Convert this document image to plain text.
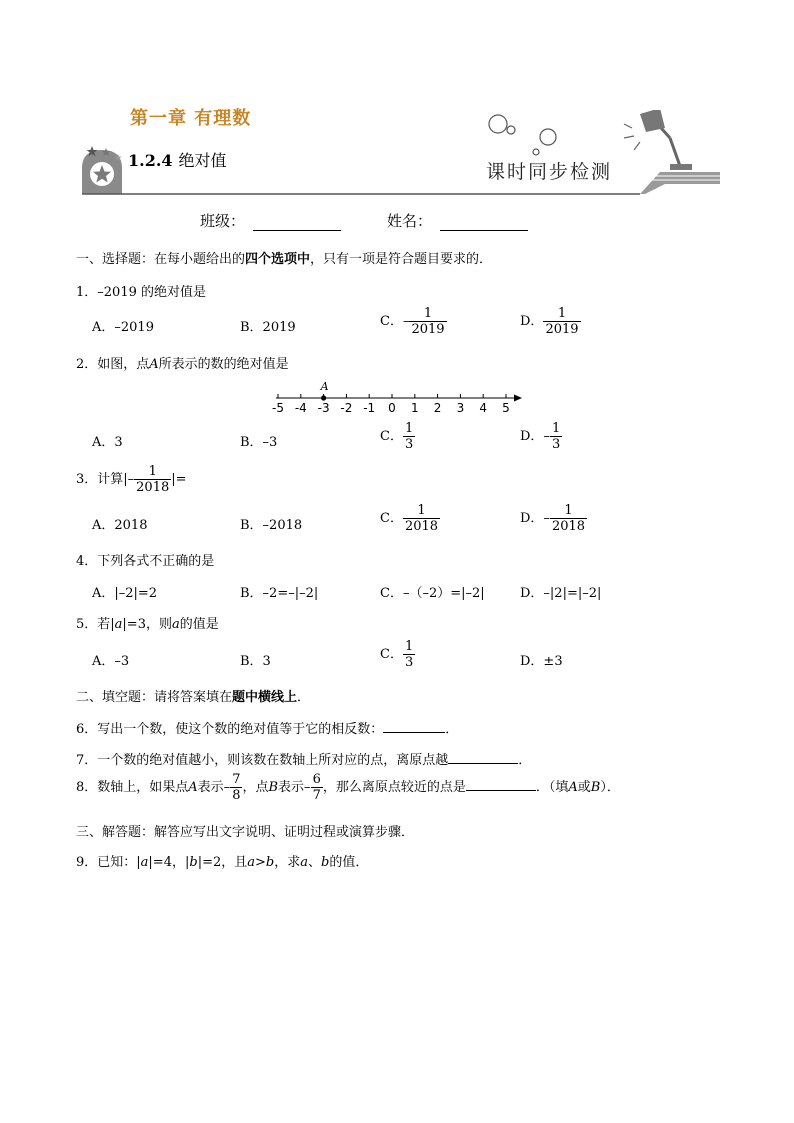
第一章 有理数
1.2.4 绝对值
课时同步检测
班级：	姓名：
一、选择题：在每小题给出的四个选项中，只有一项是符合题目要求的．
1．–2019 的绝对值是
A．–2019	B．2019	C．– $\frac{1}{2019}$	D． $\frac{1}{2019}$
2．如图，点A所表示的数的绝对值是
-5 -4 -3 -2 -1 0 1 2 3 4 5
A
A．3	B．–3	C． $\frac{1}{3}$	D．– $\frac{1}{3}$
3．计算|– $\frac{1}{2018}$ |=
A．2018	B．–2018	C． $\frac{1}{2018}$	D．– $\frac{1}{2018}$
4．下列各式不正确的是
A．|–2|=2	B．–2=–|–2|	C．–（–2）=|–2|	D．–|2|=|–2|
5．若|a|=3，则a的值是
A．–3	B．3	C． $\frac{1}{3}$	D．±3
二、填空题：请将答案填在题中横线上．
6．写出一个数，使这个数的绝对值等于它的相反数：	．
7．一个数的绝对值越小，则该数在数轴上所对应的点，离原点越	．
8．数轴上，如果点A表示– $\frac{7}{8}$ ，点B表示– $\frac{6}{7}$ ，那么离原点较近的点是	．（填A或B）．
三、解答题：解答应写出文字说明、证明过程或演算步骤．
9．已知：|a|=4，|b|=2，且a>b，求a、b的值．
